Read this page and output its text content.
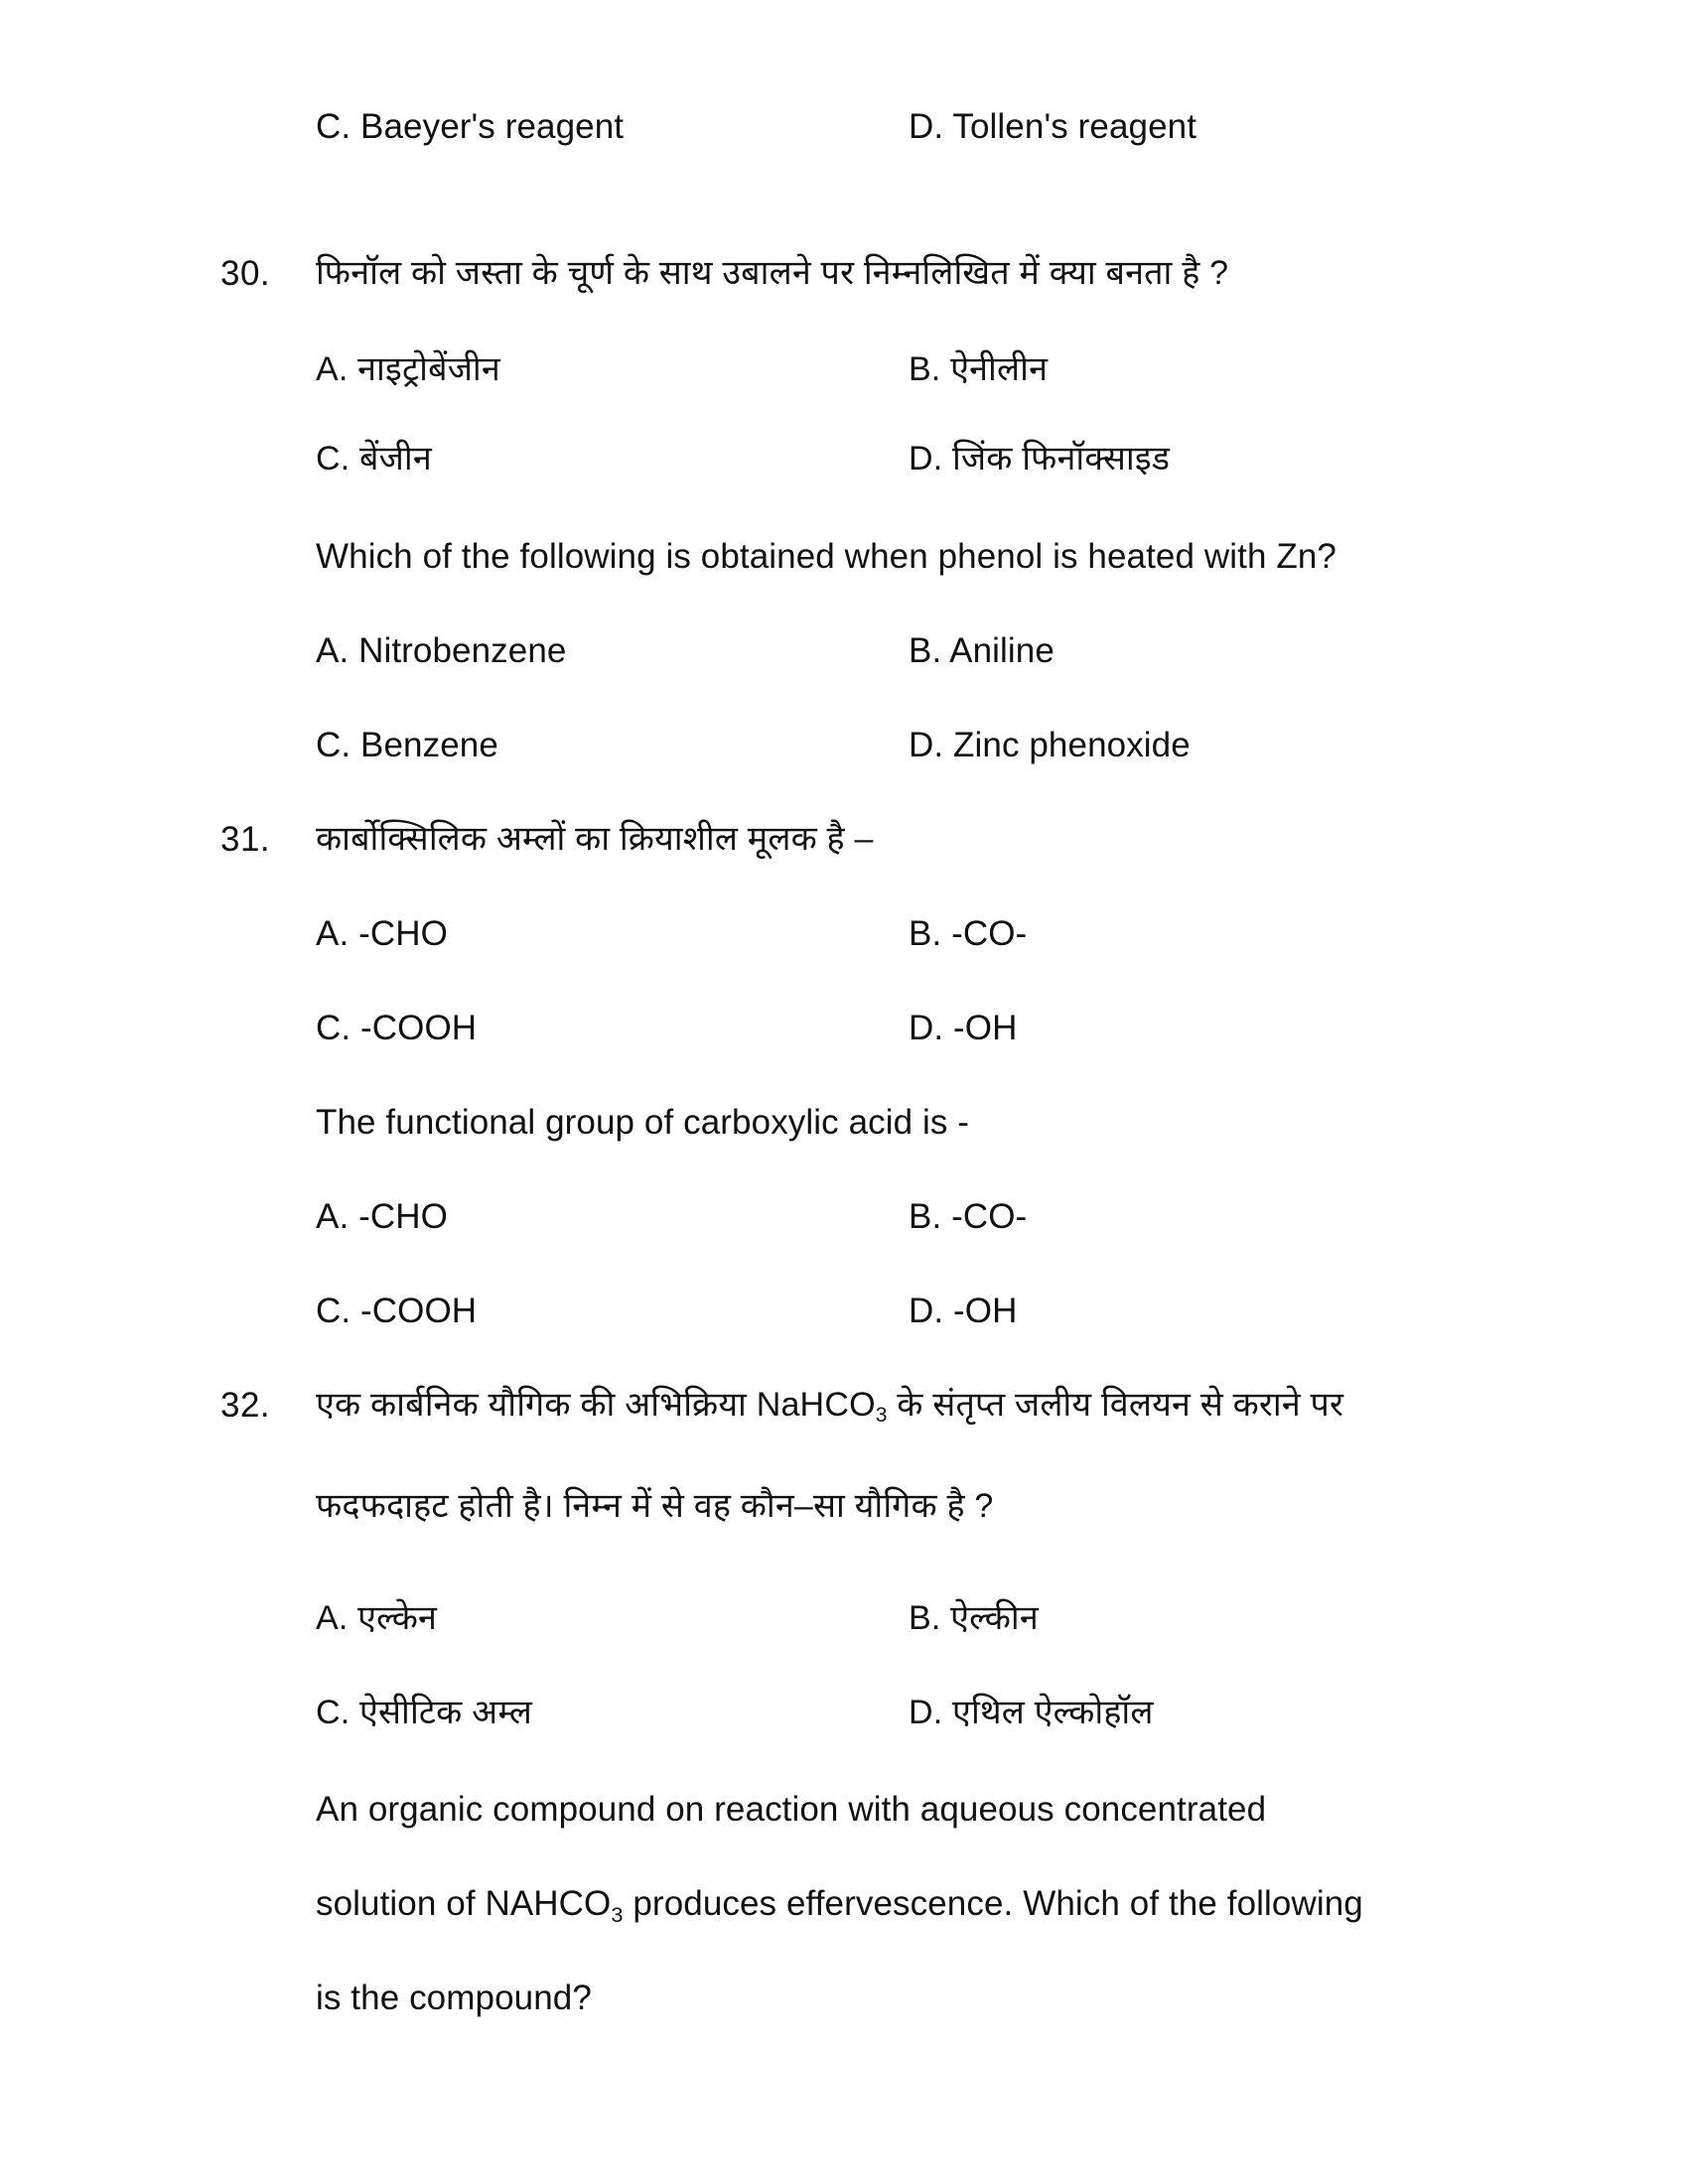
C. Baeyer's reagent	D. Tollen's reagent
30.	फिनॉल को जस्ता के चूर्ण के साथ उबालने पर निम्नलिखित में क्या बनता है ?
A. नाइट्रोबेंजीन	B. ऐनीलीन
C. बेंजीन	D. जिंक फिनॉक्साइड
Which of the following is obtained when phenol is heated with Zn?
A. Nitrobenzene	B. Aniline
C. Benzene	D. Zinc phenoxide
31.	कार्बोक्सिलिक अम्लों का क्रियाशील मूलक है –
A. -CHO	B. -CO-
C. -COOH	D. -OH
The functional group of carboxylic acid is -
A. -CHO	B. -CO-
C. -COOH	D. -OH
32.	एक कार्बनिक यौगिक की अभिक्रिया NaHCO$_3$ के संतृप्त जलीय विलयन से कराने पर
फदफदाहट होती है। निम्न में से वह कौन–सा यौगिक है ?
A. एल्केन	B. ऐल्कीन
C. ऐसीटिक अम्ल	D. एथिल ऐल्कोहॉल
An organic compound on reaction with aqueous concentrated
solution of $NAHCO_3$ produces effervescence. Which of the following
is the compound?
